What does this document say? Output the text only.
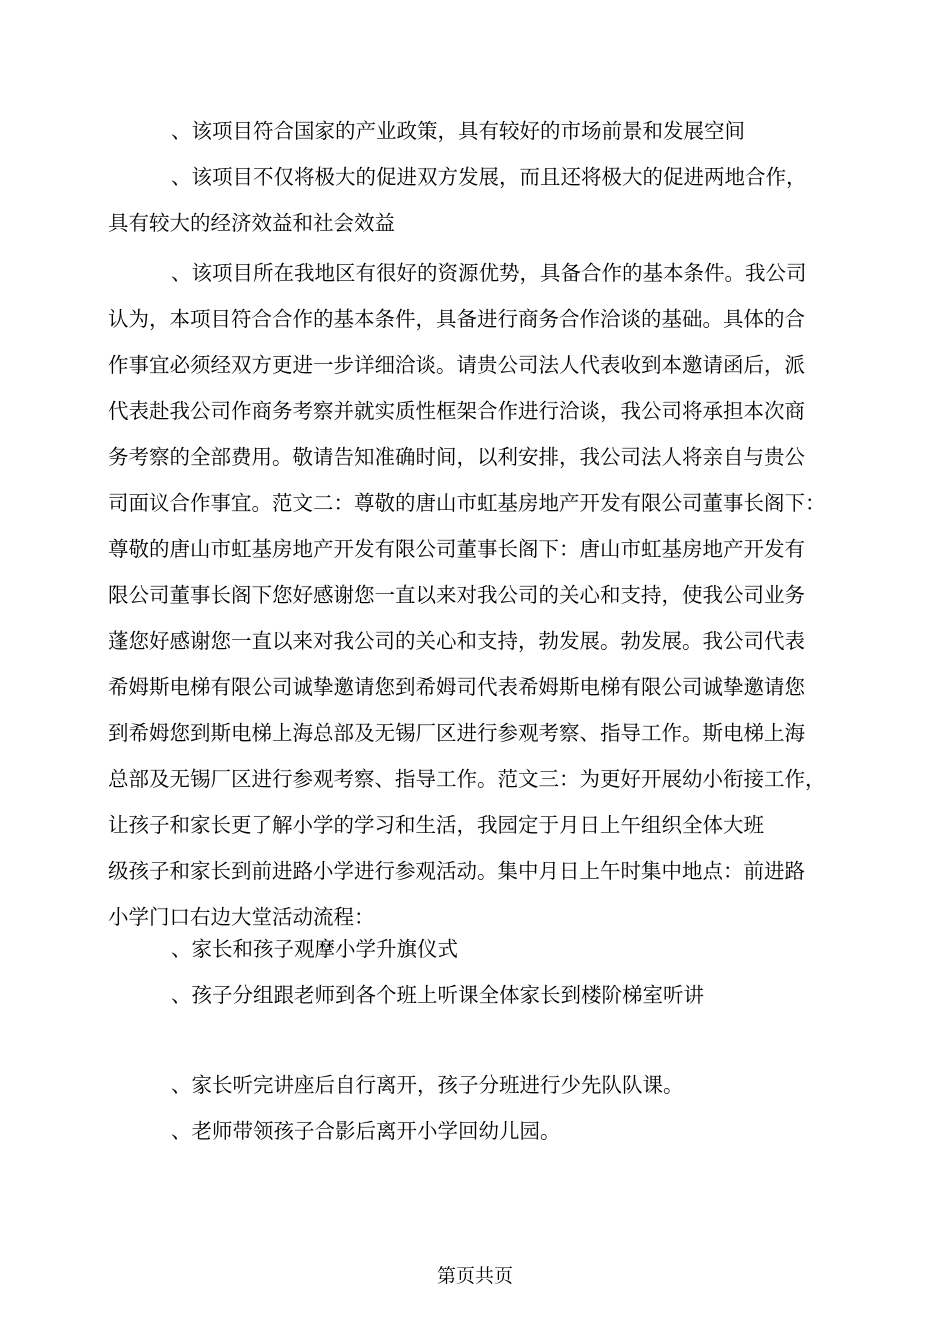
、该项目符合国家的产业政策，具有较好的市场前景和发展空间
、该项目不仅将极大的促进双方发展，而且还将极大的促进两地合作，
具有较大的经济效益和社会效益
、该项目所在我地区有很好的资源优势，具备合作的基本条件。我公司
认为，本项目符合合作的基本条件，具备进行商务合作洽谈的基础。具体的合
作事宜必须经双方更进一步详细洽谈。请贵公司法人代表收到本邀请函后，派
代表赴我公司作商务考察并就实质性框架合作进行洽谈，我公司将承担本次商
务考察的全部费用。敬请告知准确时间，以利安排，我公司法人将亲自与贵公
司面议合作事宜。范文二：尊敬的唐山市虹基房地产开发有限公司董事长阁下：
尊敬的唐山市虹基房地产开发有限公司董事长阁下：唐山市虹基房地产开发有
限公司董事长阁下您好感谢您一直以来对我公司的关心和支持，使我公司业务
蓬您好感谢您一直以来对我公司的关心和支持，勃发展。勃发展。我公司代表
希姆斯电梯有限公司诚挚邀请您到希姆司代表希姆斯电梯有限公司诚挚邀请您
到希姆您到斯电梯上海总部及无锡厂区进行参观考察、指导工作。斯电梯上海
总部及无锡厂区进行参观考察、指导工作。范文三：为更好开展幼小衔接工作，
让孩子和家长更了解小学的学习和生活，我园定于月日上午组织全体大班
级孩子和家长到前进路小学进行参观活动。集中月日上午时集中地点：前进路
小学门口右边大堂活动流程：
、家长和孩子观摩小学升旗仪式
、孩子分组跟老师到各个班上听课全体家长到楼阶梯室听讲
、家长听完讲座后自行离开，孩子分班进行少先队队课。
、老师带领孩子合影后离开小学回幼儿园。
第页共页
